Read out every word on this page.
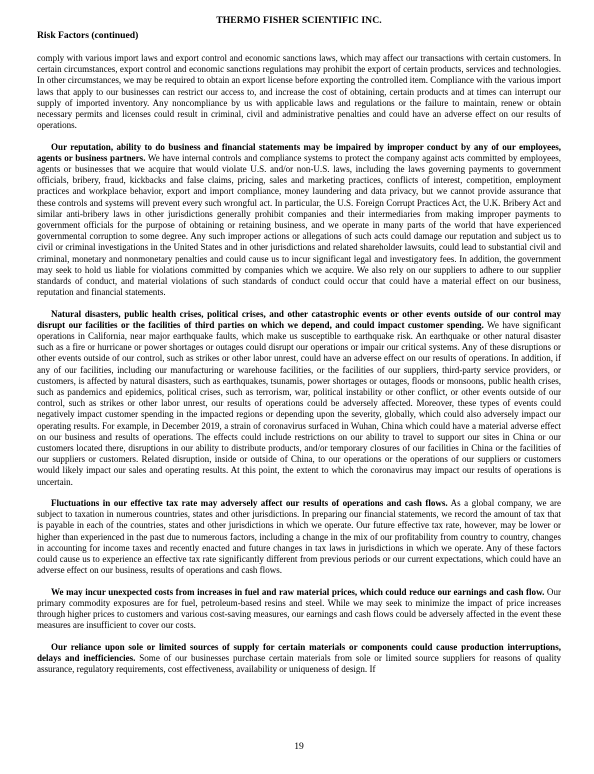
THERMO FISHER SCIENTIFIC INC.
Risk Factors (continued)

comply with various import laws and export control and economic sanctions laws, which may affect our transactions with certain customers. In certain circumstances, export control and economic sanctions regulations may prohibit the export of certain products, services and technologies. In other circumstances, we may be required to obtain an export license before exporting the controlled item. Compliance with the various import laws that apply to our businesses can restrict our access to, and increase the cost of obtaining, certain products and at times can interrupt our supply of imported inventory. Any noncompliance by us with applicable laws and regulations or the failure to maintain, renew or obtain necessary permits and licenses could result in criminal, civil and administrative penalties and could have an adverse effect on our results of operations.

Our reputation, ability to do business and financial statements may be impaired by improper conduct by any of our employees, agents or business partners. We have internal controls and compliance systems to protect the company against acts committed by employees, agents or businesses that we acquire that would violate U.S. and/or non-U.S. laws, including the laws governing payments to government officials, bribery, fraud, kickbacks and false claims, pricing, sales and marketing practices, conflicts of interest, competition, employment practices and workplace behavior, export and import compliance, money laundering and data privacy, but we cannot provide assurance that these controls and systems will prevent every such wrongful act. In particular, the U.S. Foreign Corrupt Practices Act, the U.K. Bribery Act and similar anti-bribery laws in other jurisdictions generally prohibit companies and their intermediaries from making improper payments to government officials for the purpose of obtaining or retaining business, and we operate in many parts of the world that have experienced governmental corruption to some degree. Any such improper actions or allegations of such acts could damage our reputation and subject us to civil or criminal investigations in the United States and in other jurisdictions and related shareholder lawsuits, could lead to substantial civil and criminal, monetary and nonmonetary penalties and could cause us to incur significant legal and investigatory fees. In addition, the government may seek to hold us liable for violations committed by companies which we acquire. We also rely on our suppliers to adhere to our supplier standards of conduct, and material violations of such standards of conduct could occur that could have a material effect on our business, reputation and financial statements.

Natural disasters, public health crises, political crises, and other catastrophic events or other events outside of our control may disrupt our facilities or the facilities of third parties on which we depend, and could impact customer spending. We have significant operations in California, near major earthquake faults, which make us susceptible to earthquake risk. An earthquake or other natural disaster such as a fire or hurricane or power shortages or outages could disrupt our operations or impair our critical systems. Any of these disruptions or other events outside of our control, such as strikes or other labor unrest, could have an adverse effect on our results of operations. In addition, if any of our facilities, including our manufacturing or warehouse facilities, or the facilities of our suppliers, third-party service providers, or customers, is affected by natural disasters, such as earthquakes, tsunamis, power shortages or outages, floods or monsoons, public health crises, such as pandemics and epidemics, political crises, such as terrorism, war, political instability or other conflict, or other events outside of our control, such as strikes or other labor unrest, our results of operations could be adversely affected. Moreover, these types of events could negatively impact customer spending in the impacted regions or depending upon the severity, globally, which could also adversely impact our operating results. For example, in December 2019, a strain of coronavirus surfaced in Wuhan, China which could have a material adverse effect on our business and results of operations. The effects could include restrictions on our ability to travel to support our sites in China or our customers located there, disruptions in our ability to distribute products, and/or temporary closures of our facilities in China or the facilities of our suppliers or customers. Related disruption, inside or outside of China, to our operations or the operations of our suppliers or customers would likely impact our sales and operating results. At this point, the extent to which the coronavirus may impact our results of operations is uncertain.

Fluctuations in our effective tax rate may adversely affect our results of operations and cash flows. As a global company, we are subject to taxation in numerous countries, states and other jurisdictions. In preparing our financial statements, we record the amount of tax that is payable in each of the countries, states and other jurisdictions in which we operate. Our future effective tax rate, however, may be lower or higher than experienced in the past due to numerous factors, including a change in the mix of our profitability from country to country, changes in accounting for income taxes and recently enacted and future changes in tax laws in jurisdictions in which we operate. Any of these factors could cause us to experience an effective tax rate significantly different from previous periods or our current expectations, which could have an adverse effect on our business, results of operations and cash flows.

We may incur unexpected costs from increases in fuel and raw material prices, which could reduce our earnings and cash flow. Our primary commodity exposures are for fuel, petroleum-based resins and steel. While we may seek to minimize the impact of price increases through higher prices to customers and various cost-saving measures, our earnings and cash flows could be adversely affected in the event these measures are insufficient to cover our costs.

Our reliance upon sole or limited sources of supply for certain materials or components could cause production interruptions, delays and inefficiencies. Some of our businesses purchase certain materials from sole or limited source suppliers for reasons of quality assurance, regulatory requirements, cost effectiveness, availability or uniqueness of design. If

19
